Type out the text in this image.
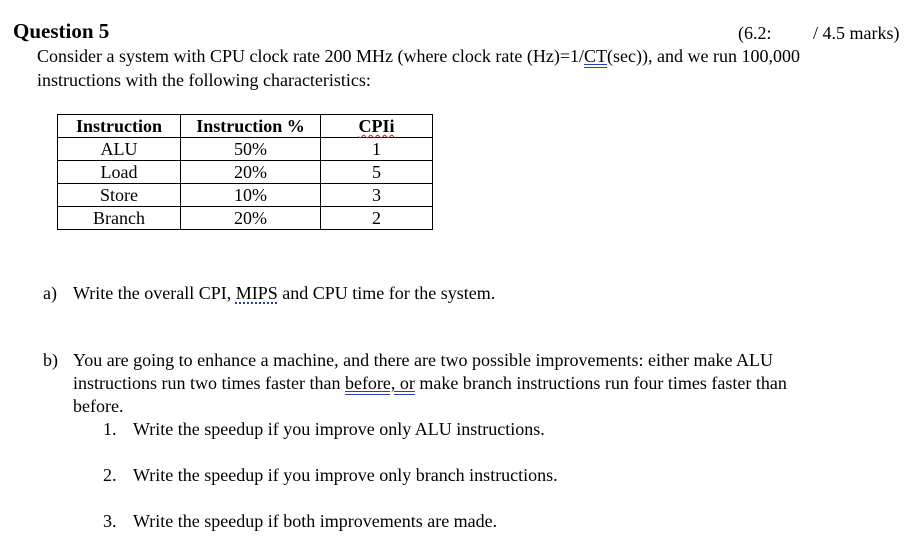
Question 5	(6.2: / 4.5 marks)
Consider a system with CPU clock rate 200 MHz (where clock rate (Hz)=1/CT(sec)), and we run 100,000
instructions with the following characteristics:
Instruction	Instruction %	CPIi
ALU	50%	1
Load	20%	5
Store	10%	3
Branch	20%	2
a) Write the overall CPI, MIPS and CPU time for the system.
b) You are going to enhance a machine, and there are two possible improvements: either make ALU
instructions run two times faster than before, or make branch instructions run four times faster than
before.
1. Write the speedup if you improve only ALU instructions.
2. Write the speedup if you improve only branch instructions.
3. Write the speedup if both improvements are made.
